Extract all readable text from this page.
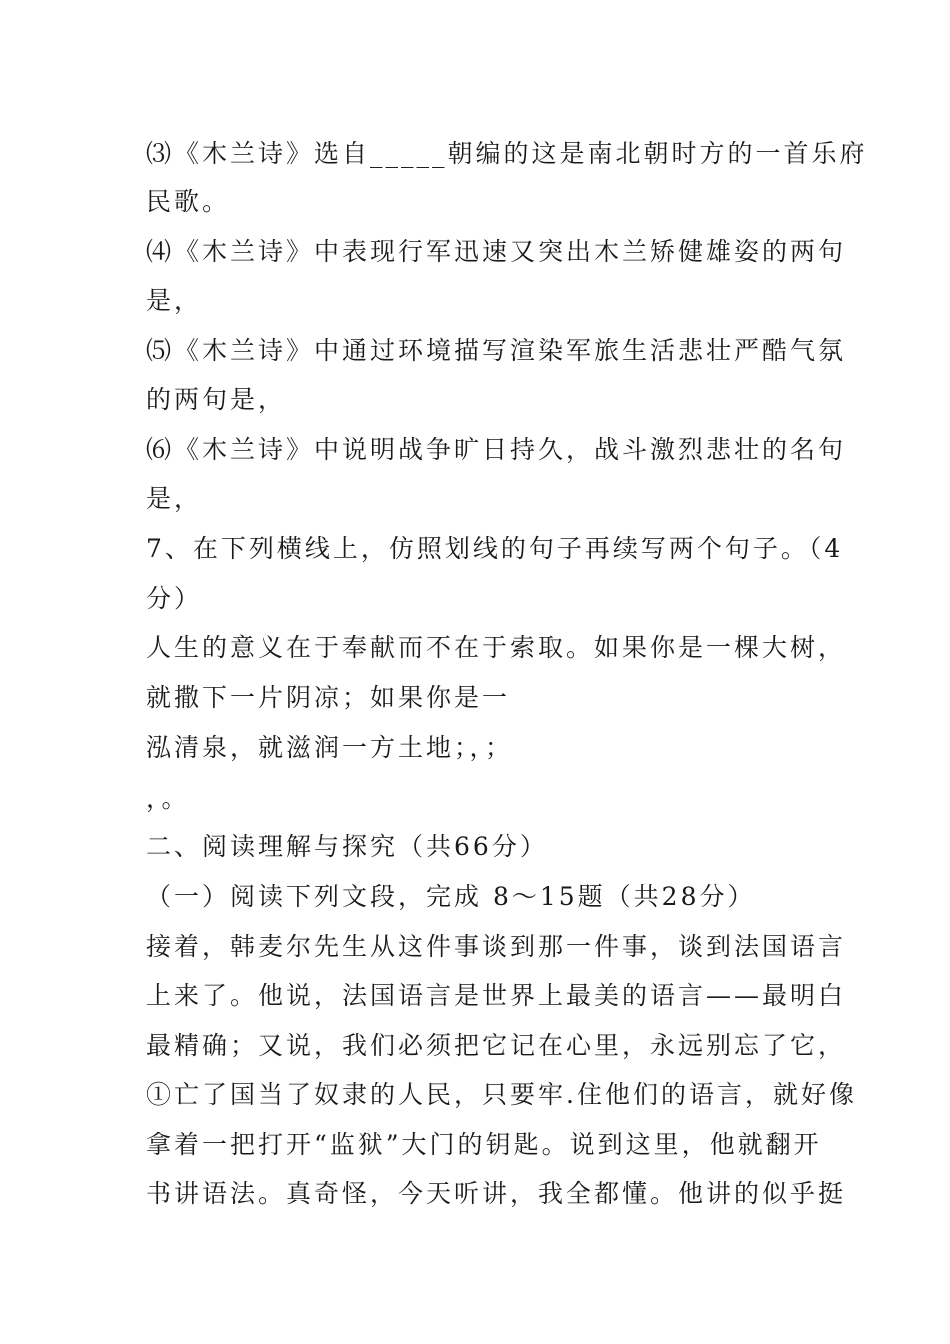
⑶《木兰诗》选自_____朝编的这是南北朝时方的一首乐府
民歌。
⑷《木兰诗》中表现行军迅速又突出木兰矫健雄姿的两句
是，
⑸《木兰诗》中通过环境描写渲染军旅生活悲壮严酷气氛
的两句是，
⑹《木兰诗》中说明战争旷日持久，战斗激烈悲壮的名句
是，
7、在下列横线上，仿照划线的句子再续写两个句子。（4
分）
人生的意义在于奉献而不在于索取。如果你是一棵大树，
就撒下一片阴凉；如果你是一
泓清泉，就滋润一方土地；，；
，。
二、阅读理解与探究（共66分）
（一）阅读下列文段，完成 8～15题（共28分）
接着，韩麦尔先生从这件事谈到那一件事，谈到法国语言
上来了。他说，法国语言是世界上最美的语言——最明白
最精确；又说，我们必须把它记在心里，永远别忘了它，
①亡了国当了奴隶的人民，只要牢.住他们的语言，就好像
拿着一把打开“监狱”大门的钥匙。说到这里，他就翻开
书讲语法。真奇怪，今天听讲，我全都懂。他讲的似乎挺
